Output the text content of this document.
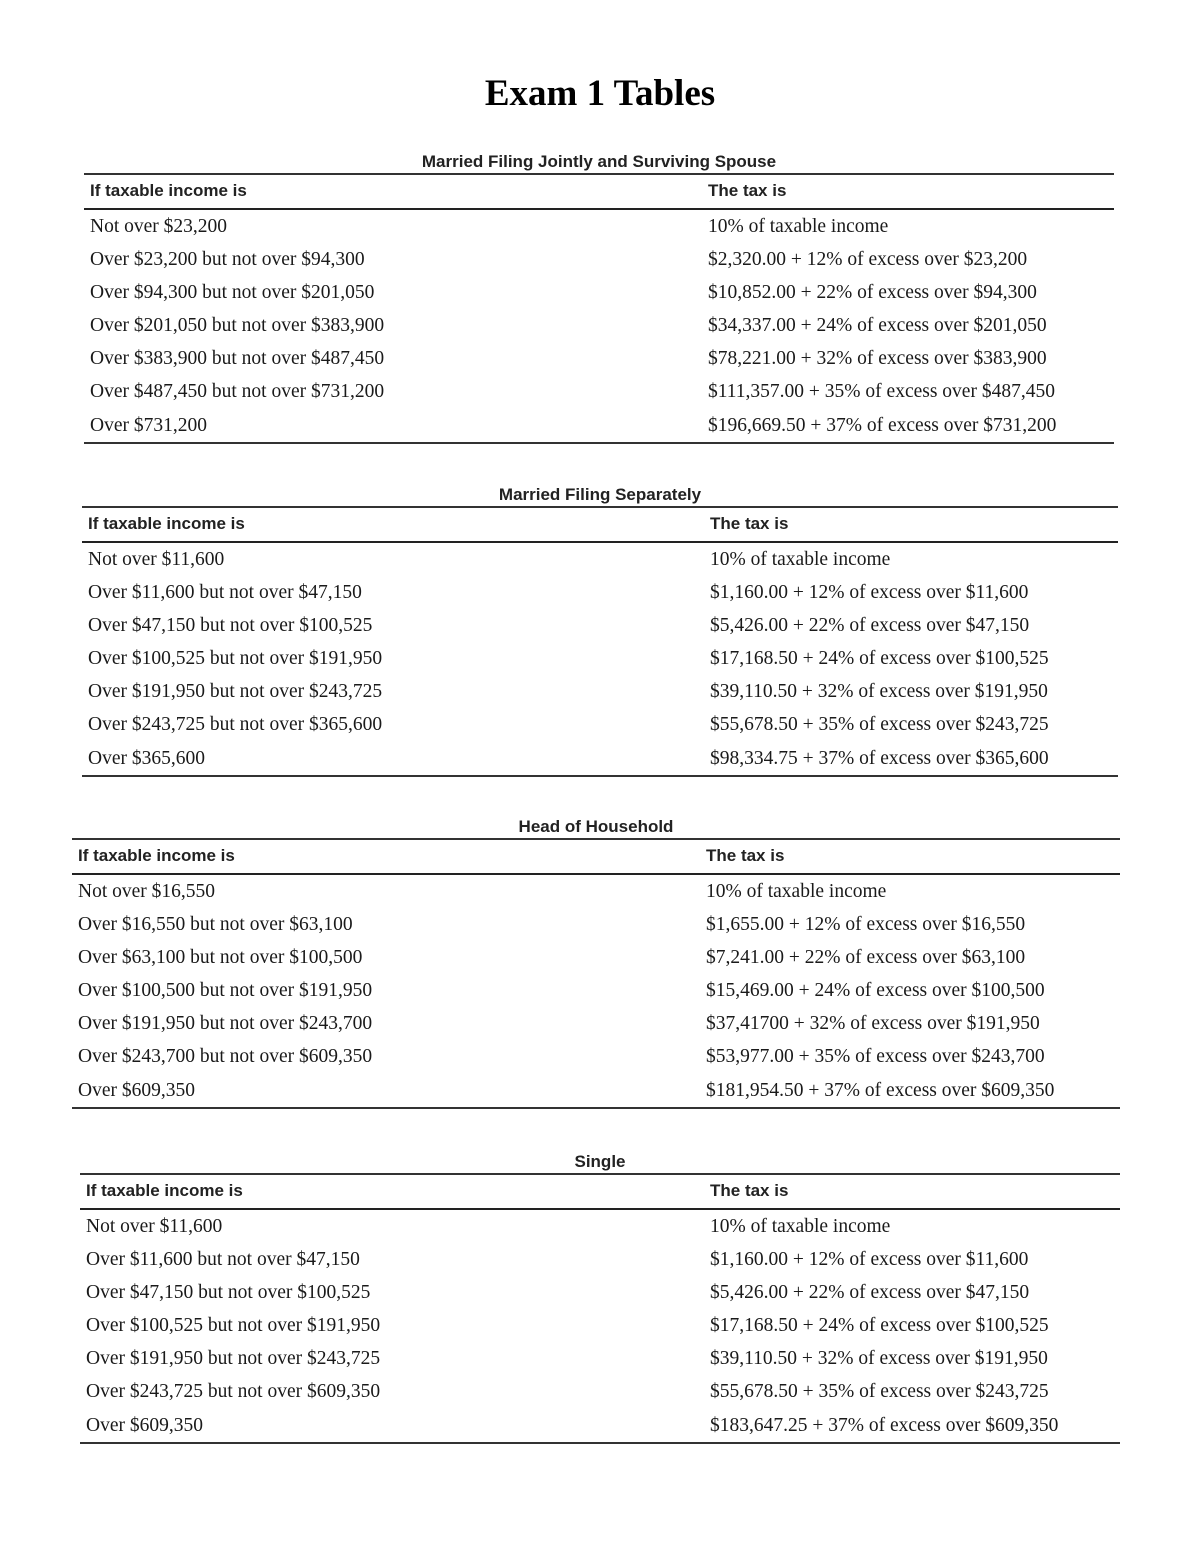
Exam 1 Tables
Married Filing Jointly and Surviving Spouse
If taxable income is	The tax is
Not over $23,200	10% of taxable income
Over $23,200 but not over $94,300	$2,320.00 + 12% of excess over $23,200
Over $94,300 but not over $201,050	$10,852.00 + 22% of excess over $94,300
Over $201,050 but not over $383,900	$34,337.00 + 24% of excess over $201,050
Over $383,900 but not over $487,450	$78,221.00 + 32% of excess over $383,900
Over $487,450 but not over $731,200	$111,357.00 + 35% of excess over $487,450
Over $731,200	$196,669.50 + 37% of excess over $731,200
Married Filing Separately
If taxable income is	The tax is
Not over $11,600	10% of taxable income
Over $11,600 but not over $47,150	$1,160.00 + 12% of excess over $11,600
Over $47,150 but not over $100,525	$5,426.00 + 22% of excess over $47,150
Over $100,525 but not over $191,950	$17,168.50 + 24% of excess over $100,525
Over $191,950 but not over $243,725	$39,110.50 + 32% of excess over $191,950
Over $243,725 but not over $365,600	$55,678.50 + 35% of excess over $243,725
Over $365,600	$98,334.75 + 37% of excess over $365,600
Head of Household
If taxable income is	The tax is
Not over $16,550	10% of taxable income
Over $16,550 but not over $63,100	$1,655.00 + 12% of excess over $16,550
Over $63,100 but not over $100,500	$7,241.00 + 22% of excess over $63,100
Over $100,500 but not over $191,950	$15,469.00 + 24% of excess over $100,500
Over $191,950 but not over $243,700	$37,41700 + 32% of excess over $191,950
Over $243,700 but not over $609,350	$53,977.00 + 35% of excess over $243,700
Over $609,350	$181,954.50 + 37% of excess over $609,350
Single
If taxable income is	The tax is
Not over $11,600	10% of taxable income
Over $11,600 but not over $47,150	$1,160.00 + 12% of excess over $11,600
Over $47,150 but not over $100,525	$5,426.00 + 22% of excess over $47,150
Over $100,525 but not over $191,950	$17,168.50 + 24% of excess over $100,525
Over $191,950 but not over $243,725	$39,110.50 + 32% of excess over $191,950
Over $243,725 but not over $609,350	$55,678.50 + 35% of excess over $243,725
Over $609,350	$183,647.25 + 37% of excess over $609,350
